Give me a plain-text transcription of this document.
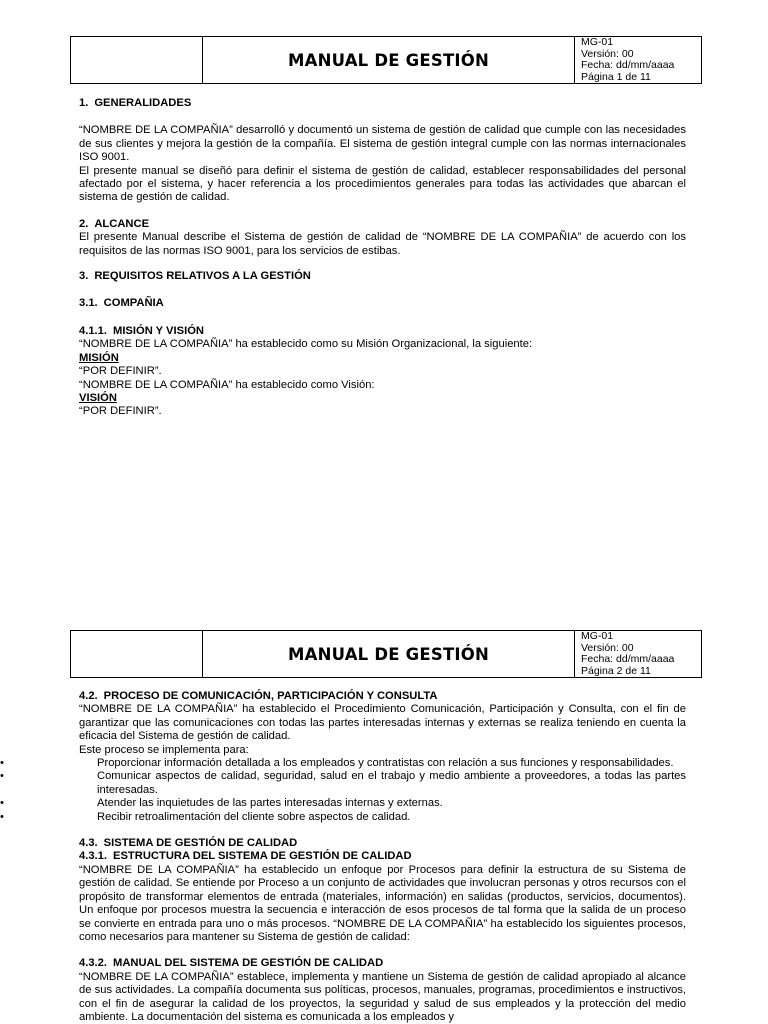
MANUAL DE GESTIÓN
MG-01
Versión: 00
Fecha: dd/mm/aaaa
Página 1 de 11
1. GENERALIDADES

“NOMBRE DE LA COMPAÑIA” desarrolló y documentó un sistema de gestión de calidad que cumple con las necesidades de sus clientes y mejora la gestión de la compañía. El sistema de gestión integral cumple con las normas internacionales ISO 9001.

El presente manual se diseñó para definir el sistema de gestión de calidad, establecer responsabilidades del personal afectado por el sistema, y hacer referencia a los procedimientos generales para todas las actividades que abarcan el sistema de gestión de calidad.

2. ALCANCE

El presente Manual describe el Sistema de gestión de calidad de “NOMBRE DE LA COMPAÑIA” de acuerdo con los requisitos de las normas ISO 9001, para los servicios de estibas.

3. REQUISITOS RELATIVOS A LA GESTIÓN
3.1. COMPAÑIA
4.1.1. MISIÓN Y VISIÓN

“NOMBRE DE LA COMPAÑIA” ha establecido como su Misión Organizacional, la siguiente:

MISIÓN

“POR DEFINIR”.

“NOMBRE DE LA COMPAÑIA” ha establecido como Visión:

VISIÓN

“POR DEFINIR”.

MANUAL DE GESTIÓN
MG-01
Versión: 00
Fecha: dd/mm/aaaa
Página 2 de 11
4.2. PROCESO DE COMUNICACIÓN, PARTICIPACIÓN Y CONSULTA

“NOMBRE DE LA COMPAÑIA” ha establecido el Procedimiento Comunicación, Participación y Consulta, con el fin de garantizar que las comunicaciones con todas las partes interesadas internas y externas se realiza teniendo en cuenta la eficacia del Sistema de gestión de calidad.

Este proceso se implementa para:

• Proporcionar información detallada a los empleados y contratistas con relación a sus funciones y responsabilidades.
• Comunicar aspectos de calidad, seguridad, salud en el trabajo y medio ambiente a proveedores, a todas las partes interesadas.
• Atender las inquietudes de las partes interesadas internas y externas.
• Recibir retroalimentación del cliente sobre aspectos de calidad.
4.3. SISTEMA DE GESTIÓN DE CALIDAD
4.3.1. ESTRUCTURA DEL SISTEMA DE GESTIÓN DE CALIDAD

“NOMBRE DE LA COMPAÑIA” ha establecido un enfoque por Procesos para definir la estructura de su Sistema de gestión de calidad. Se entiende por Proceso a un conjunto de actividades que involucran personas y otros recursos con el propósito de transformar elementos de entrada (materiales, información) en salidas (productos, servicios, documentos). Un enfoque por procesos muestra la secuencia e interacción de esos procesos de tal forma que la salida de un proceso se convierte en entrada para uno o más procesos. “NOMBRE DE LA COMPAÑIA” ha establecido los siguientes procesos, como necesarios para mantener su Sistema de gestión de calidad:

4.3.2. MANUAL DEL SISTEMA DE GESTIÓN DE CALIDAD

“NOMBRE DE LA COMPAÑIA” establece, implementa y mantiene un Sistema de gestión de calidad apropiado al alcance de sus actividades. La compañía documenta sus políticas, procesos, manuales, programas, procedimientos e instructivos, con el fin de asegurar la calidad de los proyectos, la seguridad y salud de sus empleados y la protección del medio ambiente. La documentación del sistema es comunicada a los empleados y
